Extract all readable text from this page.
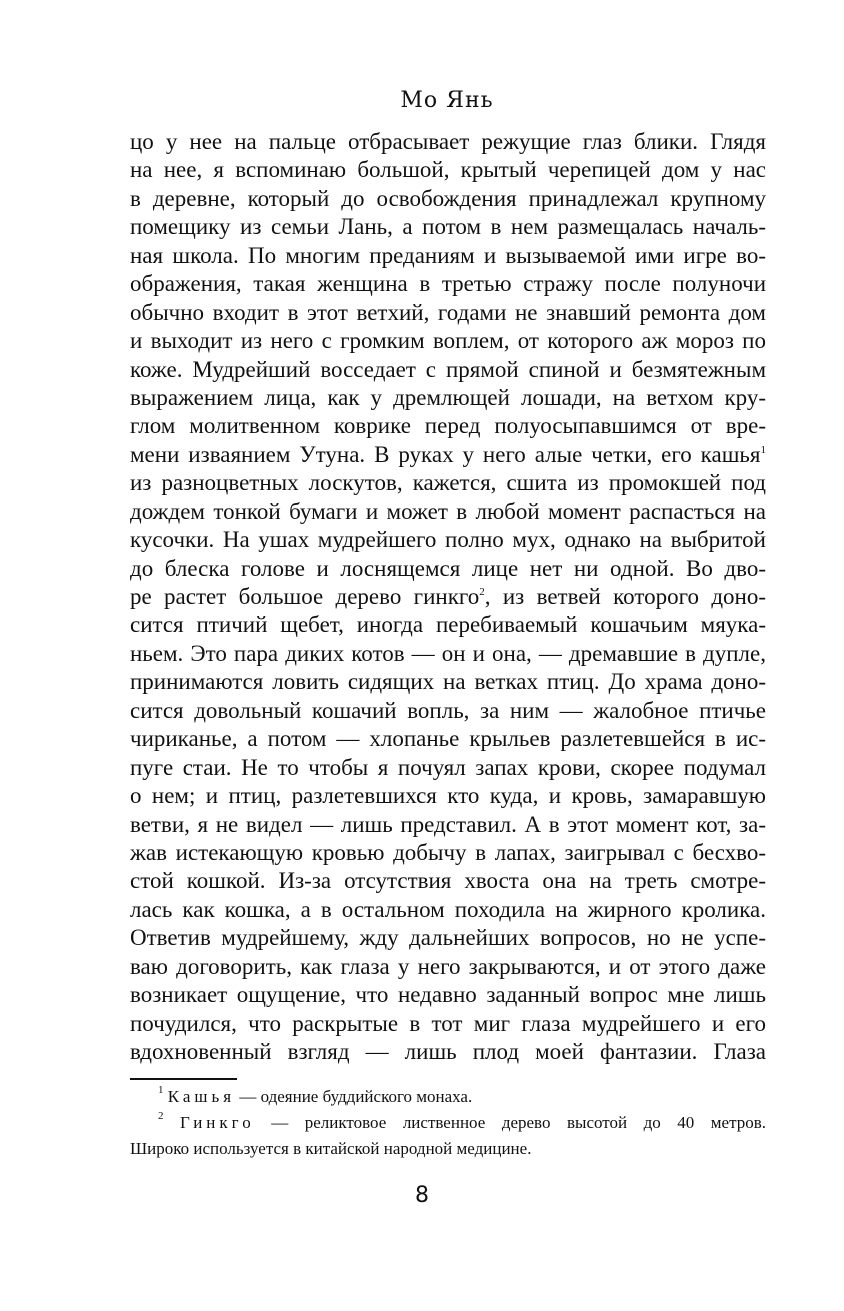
Мо Янь
цо у нее на пальце отбрасывает режущие глаз блики. Глядя
на нее, я вспоминаю большой, крытый черепицей дом у нас
в деревне, который до освобождения принадлежал крупному
помещику из семьи Лань, а потом в нем размещалась началь-
ная школа. По многим преданиям и вызываемой ими игре во-
ображения, такая женщина в третью стражу после полуночи
обычно входит в этот ветхий, годами не знавший ремонта дом
и выходит из него с громким воплем, от которого аж мороз по
коже. Мудрейший восседает с прямой спиной и безмятежным
выражением лица, как у дремлющей лошади, на ветхом кру-
глом молитвенном коврике перед полуосыпавшимся от вре-
мени изваянием Утуна. В руках у него алые четки, его кашья$^1$
из разноцветных лоскутов, кажется, сшита из промокшей под
дождем тонкой бумаги и может в любой момент распасться на
кусочки. На ушах мудрейшего полно мух, однако на выбритой
до блеска голове и лоснящемся лице нет ни одной. Во дво-
ре растет большое дерево гинкго$^2$, из ветвей которого доно-
сится птичий щебет, иногда перебиваемый кошачьим мяука-
ньем. Это пара диких котов — он и она, — дремавшие в дупле,
принимаются ловить сидящих на ветках птиц. До храма доно-
сится довольный кошачий вопль, за ним — жалобное птичье
чириканье, а потом — хлопанье крыльев разлетевшейся в ис-
пуге стаи. Не то чтобы я почуял запах крови, скорее подумал
о нем; и птиц, разлетевшихся кто куда, и кровь, замаравшую
ветви, я не видел — лишь представил. А в этот момент кот, за-
жав истекающую кровью добычу в лапах, заигрывал с бесхво-
стой кошкой. Из-за отсутствия хвоста она на треть смотре-
лась как кошка, а в остальном походила на жирного кролика.
Ответив мудрейшему, жду дальнейших вопросов, но не успе-
ваю договорить, как глаза у него закрываются, и от этого даже
возникает ощущение, что недавно заданный вопрос мне лишь
почудился, что раскрытые в тот миг глаза мудрейшего и его
вдохновенный взгляд — лишь плод моей фантазии. Глаза
$^1$ Кашья — одеяние буддийского монаха.
$^2$ Гинкго — реликтовое лиственное дерево высотой до 40 метров.
Широко используется в китайской народной медицине.
8
